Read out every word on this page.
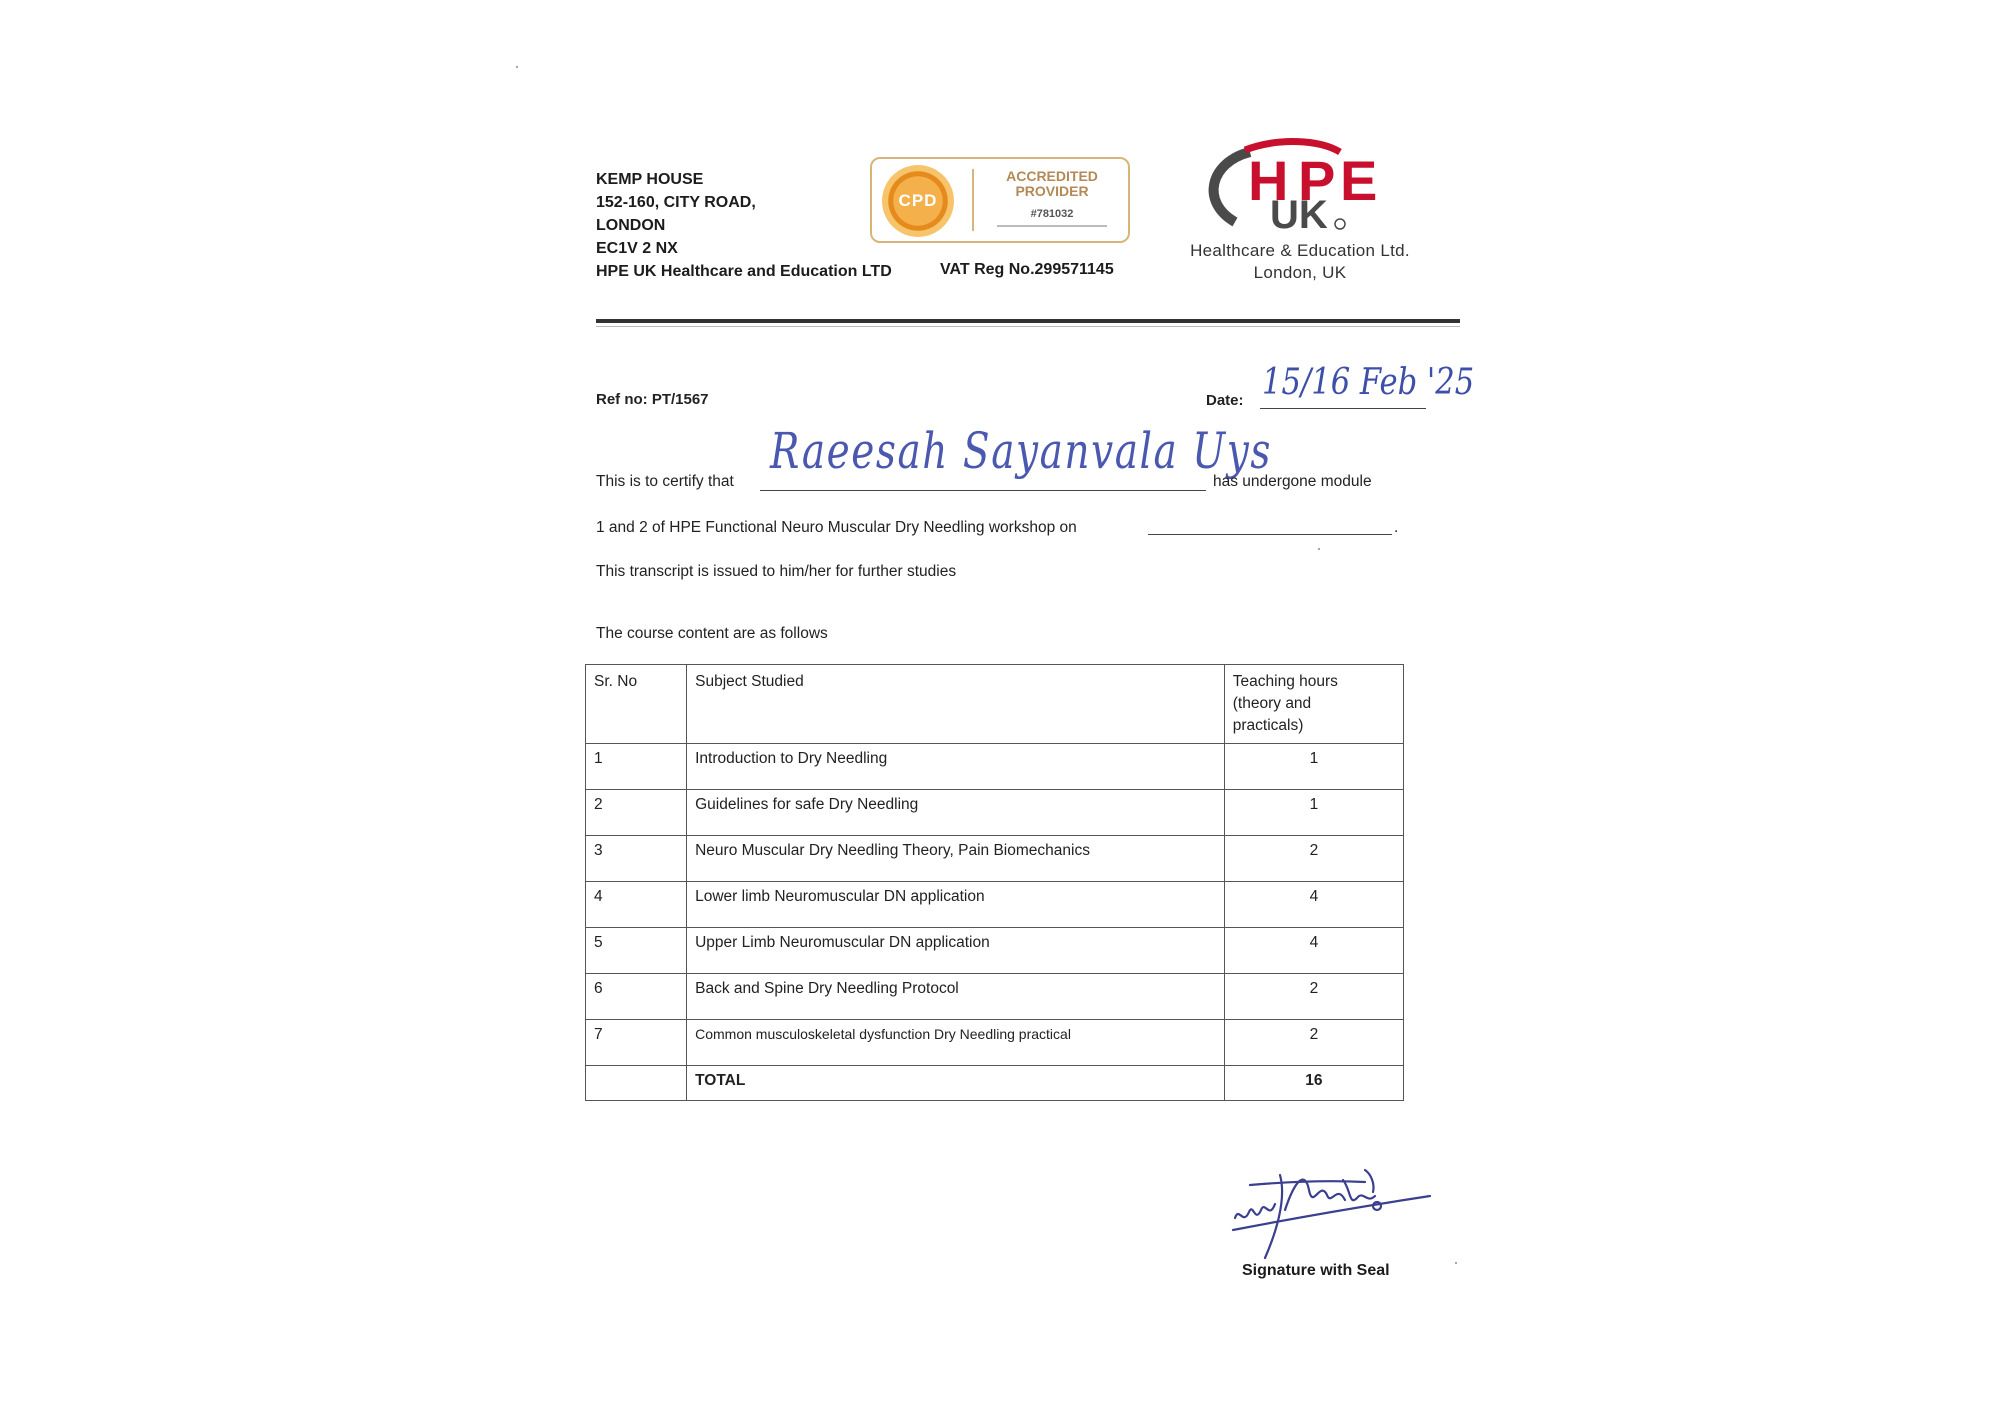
KEMP HOUSE
152-160, CITY ROAD,
LONDON
EC1V 2 NX
HPE UK Healthcare and Education LTD
CPD
ACCREDITED
PROVIDER
#781032
VAT Reg No.299571145
H P E
UK
Healthcare & Education Ltd.
London, UK
Ref no: PT/1567	Date: 15/16 Feb '25
This is to certify that
Raeesah Sayanvala Uys
has undergone module
1 and 2 of HPE Functional Neuro Muscular Dry Needling workshop on	.
This transcript is issued to him/her for further studies
The course content are as follows
Sr. No	Subject Studied	Teaching hours
(theory and
practicals)

1	Introduction to Dry Needling	1
2	Guidelines for safe Dry Needling	1
3	Neuro Muscular Dry Needling Theory, Pain Biomechanics	2
4	Lower limb Neuromuscular DN application	4
5	Upper Limb Neuromuscular DN application	4
6	Back and Spine Dry Needling Protocol	2
7	Common musculoskeletal dysfunction Dry Needling practical	2
	TOTAL	16
Signature with Seal
